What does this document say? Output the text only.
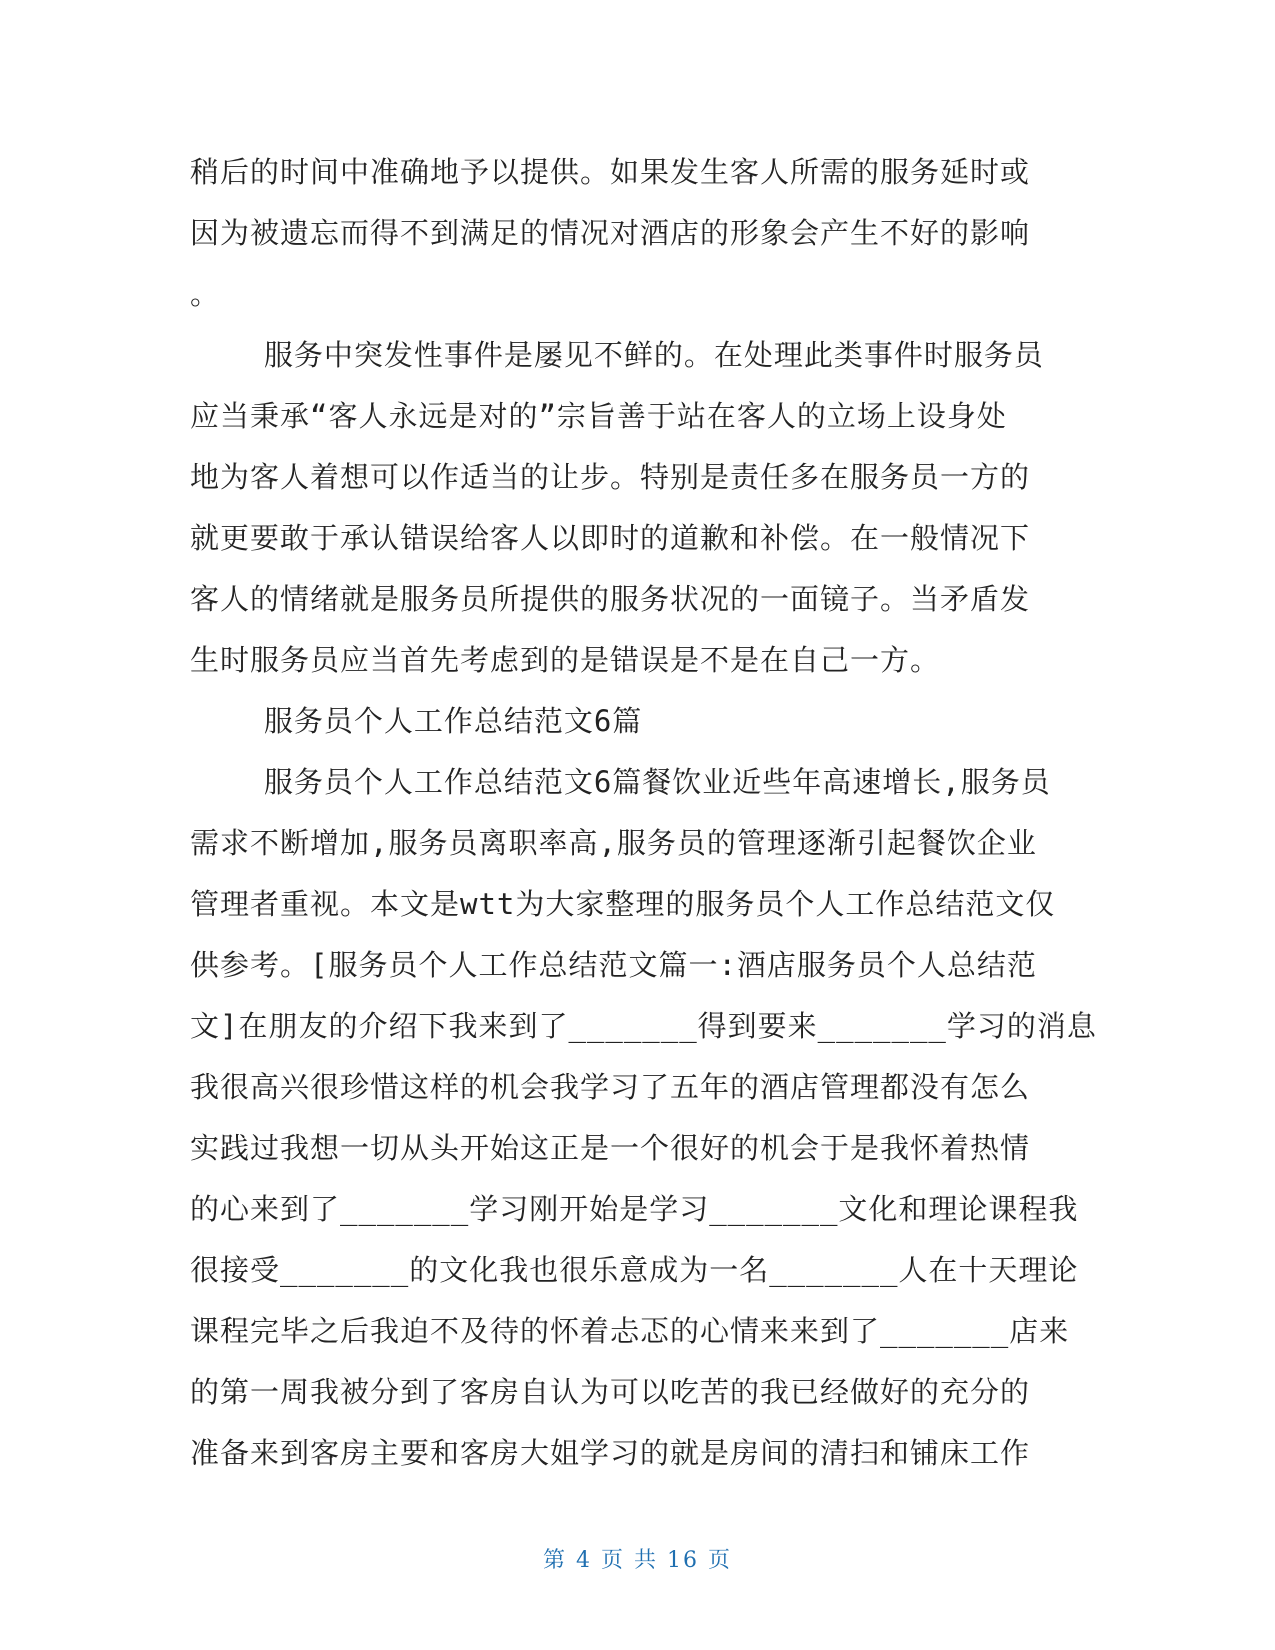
稍后的时间中准确地予以提供。如果发生客人所需的服务延时或
因为被遗忘而得不到满足的情况对酒店的形象会产生不好的影响
。
服务中突发性事件是屡见不鲜的。在处理此类事件时服务员
应当秉承“客人永远是对的”宗旨善于站在客人的立场上设身处
地为客人着想可以作适当的让步。特别是责任多在服务员一方的
就更要敢于承认错误给客人以即时的道歉和补偿。在一般情况下
客人的情绪就是服务员所提供的服务状况的一面镜子。当矛盾发
生时服务员应当首先考虑到的是错误是不是在自己一方。
服务员个人工作总结范文6篇
服务员个人工作总结范文6篇餐饮业近些年高速增长,服务员
需求不断增加,服务员离职率高,服务员的管理逐渐引起餐饮企业
管理者重视。本文是wtt为大家整理的服务员个人工作总结范文仅
供参考。[服务员个人工作总结范文篇一:酒店服务员个人总结范
文]在朋友的介绍下我来到了_______得到要来_______学习的消息
我很高兴很珍惜这样的机会我学习了五年的酒店管理都没有怎么
实践过我想一切从头开始这正是一个很好的机会于是我怀着热情
的心来到了_______学习刚开始是学习_______文化和理论课程我
很接受_______的文化我也很乐意成为一名_______人在十天理论
课程完毕之后我迫不及待的怀着忐忑的心情来来到了_______店来
的第一周我被分到了客房自认为可以吃苦的我已经做好的充分的
准备来到客房主要和客房大姐学习的就是房间的清扫和铺床工作
第 4 页 共 16 页
